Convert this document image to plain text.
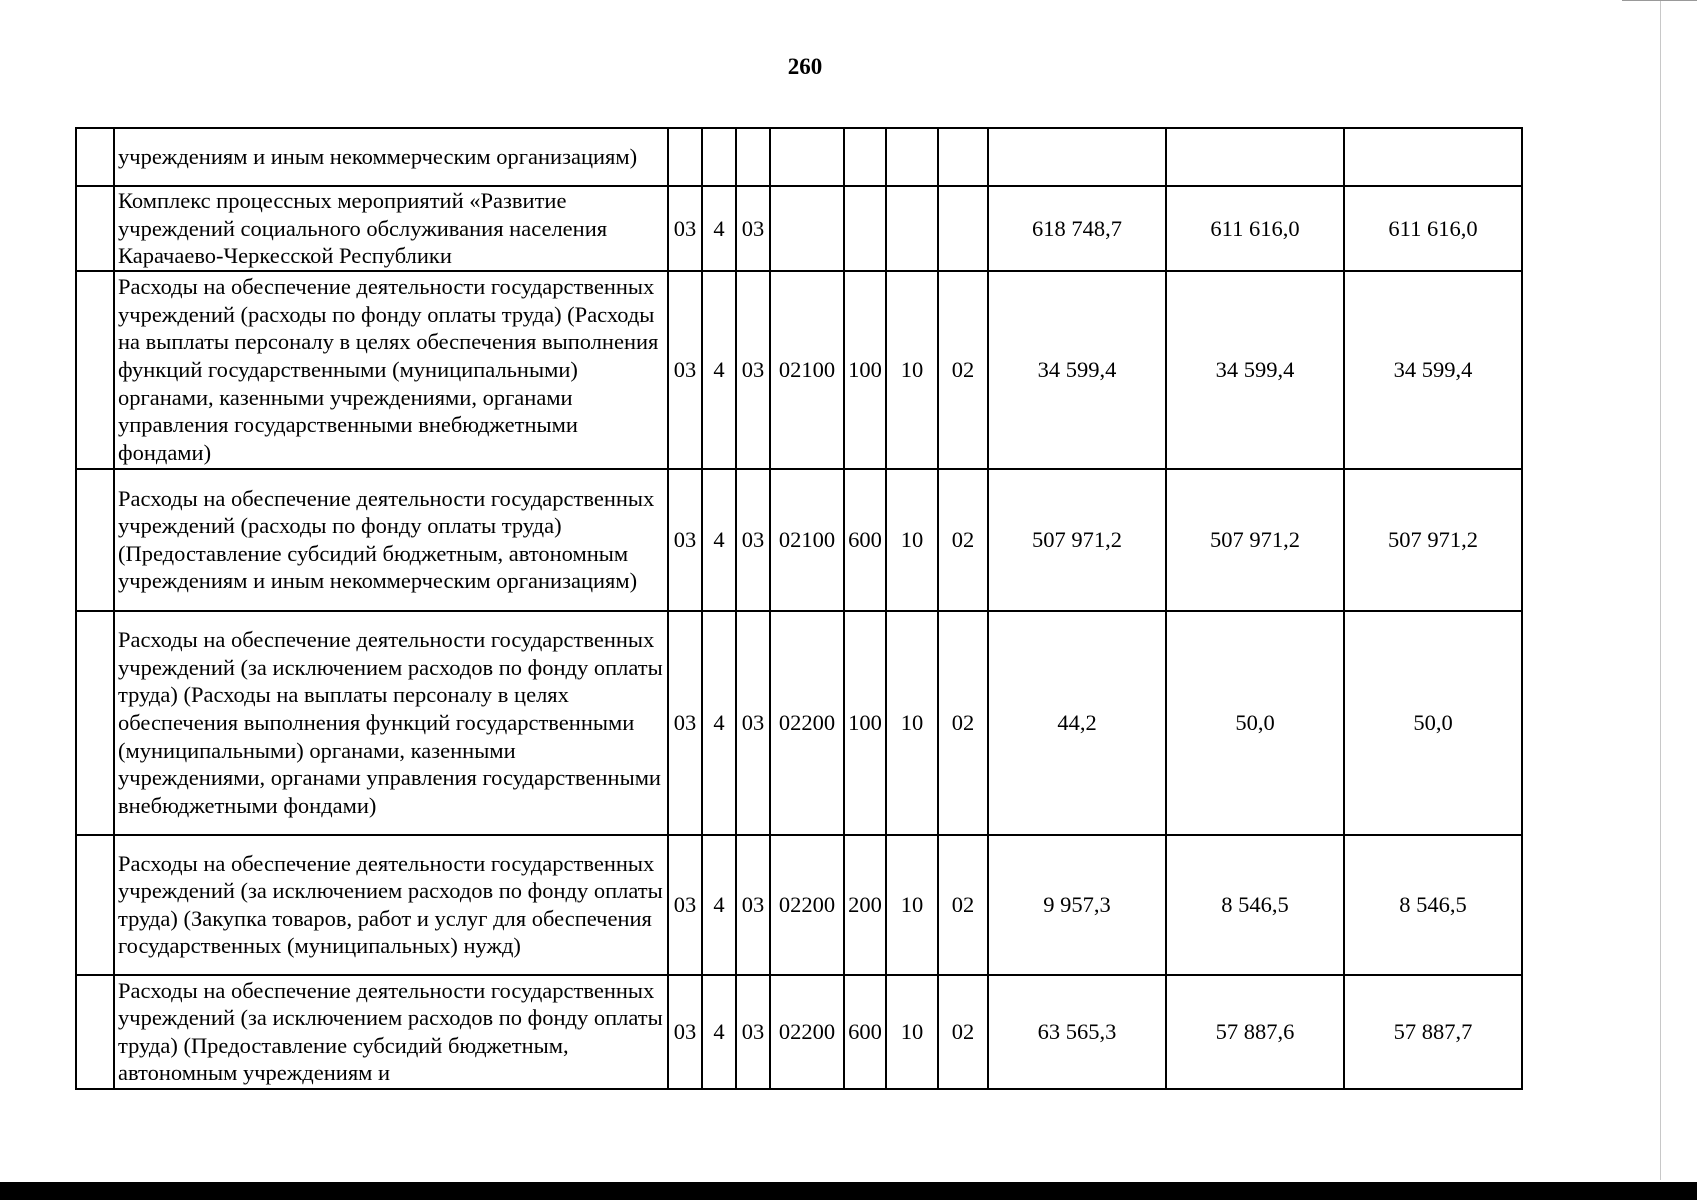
260
	учреждениям и иным некоммерческим организациям)										
	Комплекс процессных мероприятий «Развитие учреждений социального обслуживания населения Карачаево-Черкесской Республики	03	4	03					618 748,7	611 616,0	611 616,0
	Расходы на обеспечение деятельности государственных учреждений (расходы по фонду оплаты труда) (Расходы на выплаты персоналу в целях обеспечения выполнения функций государственными (муниципальными) органами, казенными учреждениями, органами управления государственными внебюджетными фондами)	03	4	03	02100	100	10	02	34 599,4	34 599,4	34 599,4
	Расходы на обеспечение деятельности государственных учреждений (расходы по фонду оплаты труда) (Предоставление субсидий бюджетным, автономным учреждениям и иным некоммерческим организациям)	03	4	03	02100	600	10	02	507 971,2	507 971,2	507 971,2
	Расходы на обеспечение деятельности государственных учреждений (за исключением расходов по фонду оплаты труда) (Расходы на выплаты персоналу в целях обеспечения выполнения функций государственными (муниципальными) органами, казенными учреждениями, органами управления государственными внебюджетными фондами)	03	4	03	02200	100	10	02	44,2	50,0	50,0
	Расходы на обеспечение деятельности государственных учреждений (за исключением расходов по фонду оплаты труда) (Закупка товаров, работ и услуг для обеспечения государственных (муниципальных) нужд)	03	4	03	02200	200	10	02	9 957,3	8 546,5	8 546,5
	Расходы на обеспечение деятельности государственных учреждений (за исключением расходов по фонду оплаты труда) (Предоставление субсидий бюджетным, автономным учреждениям и	03	4	03	02200	600	10	02	63 565,3	57 887,6	57 887,7
